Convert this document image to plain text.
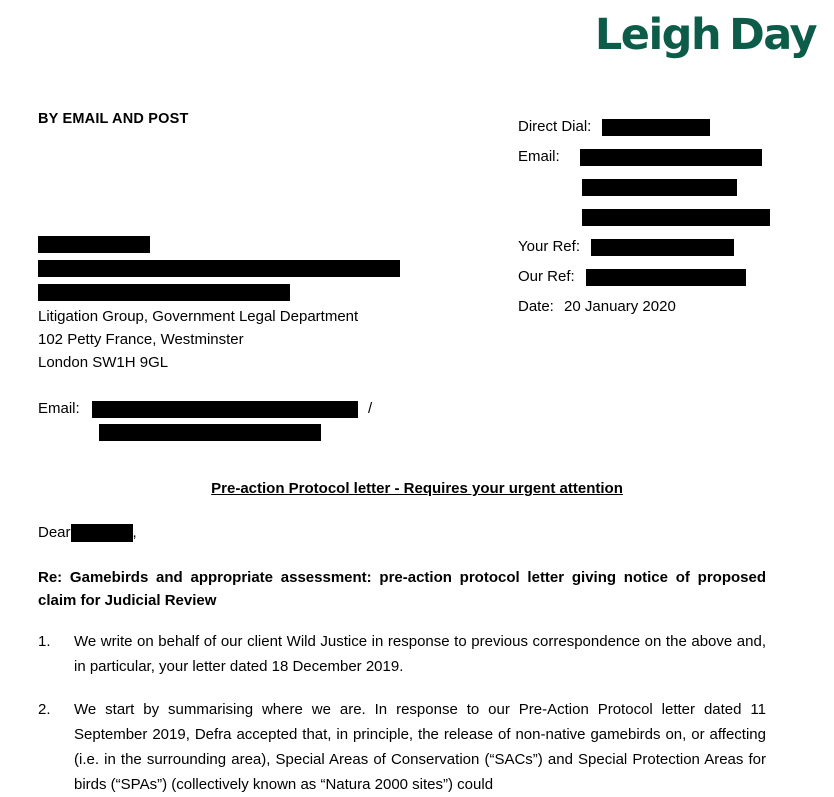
Leigh Day
BY EMAIL AND POST
Litigation Group, Government Legal Department
102 Petty France, Westminster
London SW1H 9GL
Email:	/
Direct Dial:
Email:
Your Ref:
Our Ref:
Date: 20 January 2020
Pre-action Protocol letter - Requires your urgent attention
Dear	,
Re: Gamebirds and appropriate assessment: pre-action protocol letter giving notice of proposed claim for Judicial Review
1.	We write on behalf of our client Wild Justice in response to previous correspondence on the above and, in particular, your letter dated 18 December 2019.
2.	We start by summarising where we are. In response to our Pre-Action Protocol letter dated 11 September 2019, Defra accepted that, in principle, the release of non-native gamebirds on, or affecting (i.e. in the surrounding area), Special Areas of Conservation (“SACs”) and Special Protection Areas for birds (“SPAs”) (collectively known as “Natura 2000 sites”) could
